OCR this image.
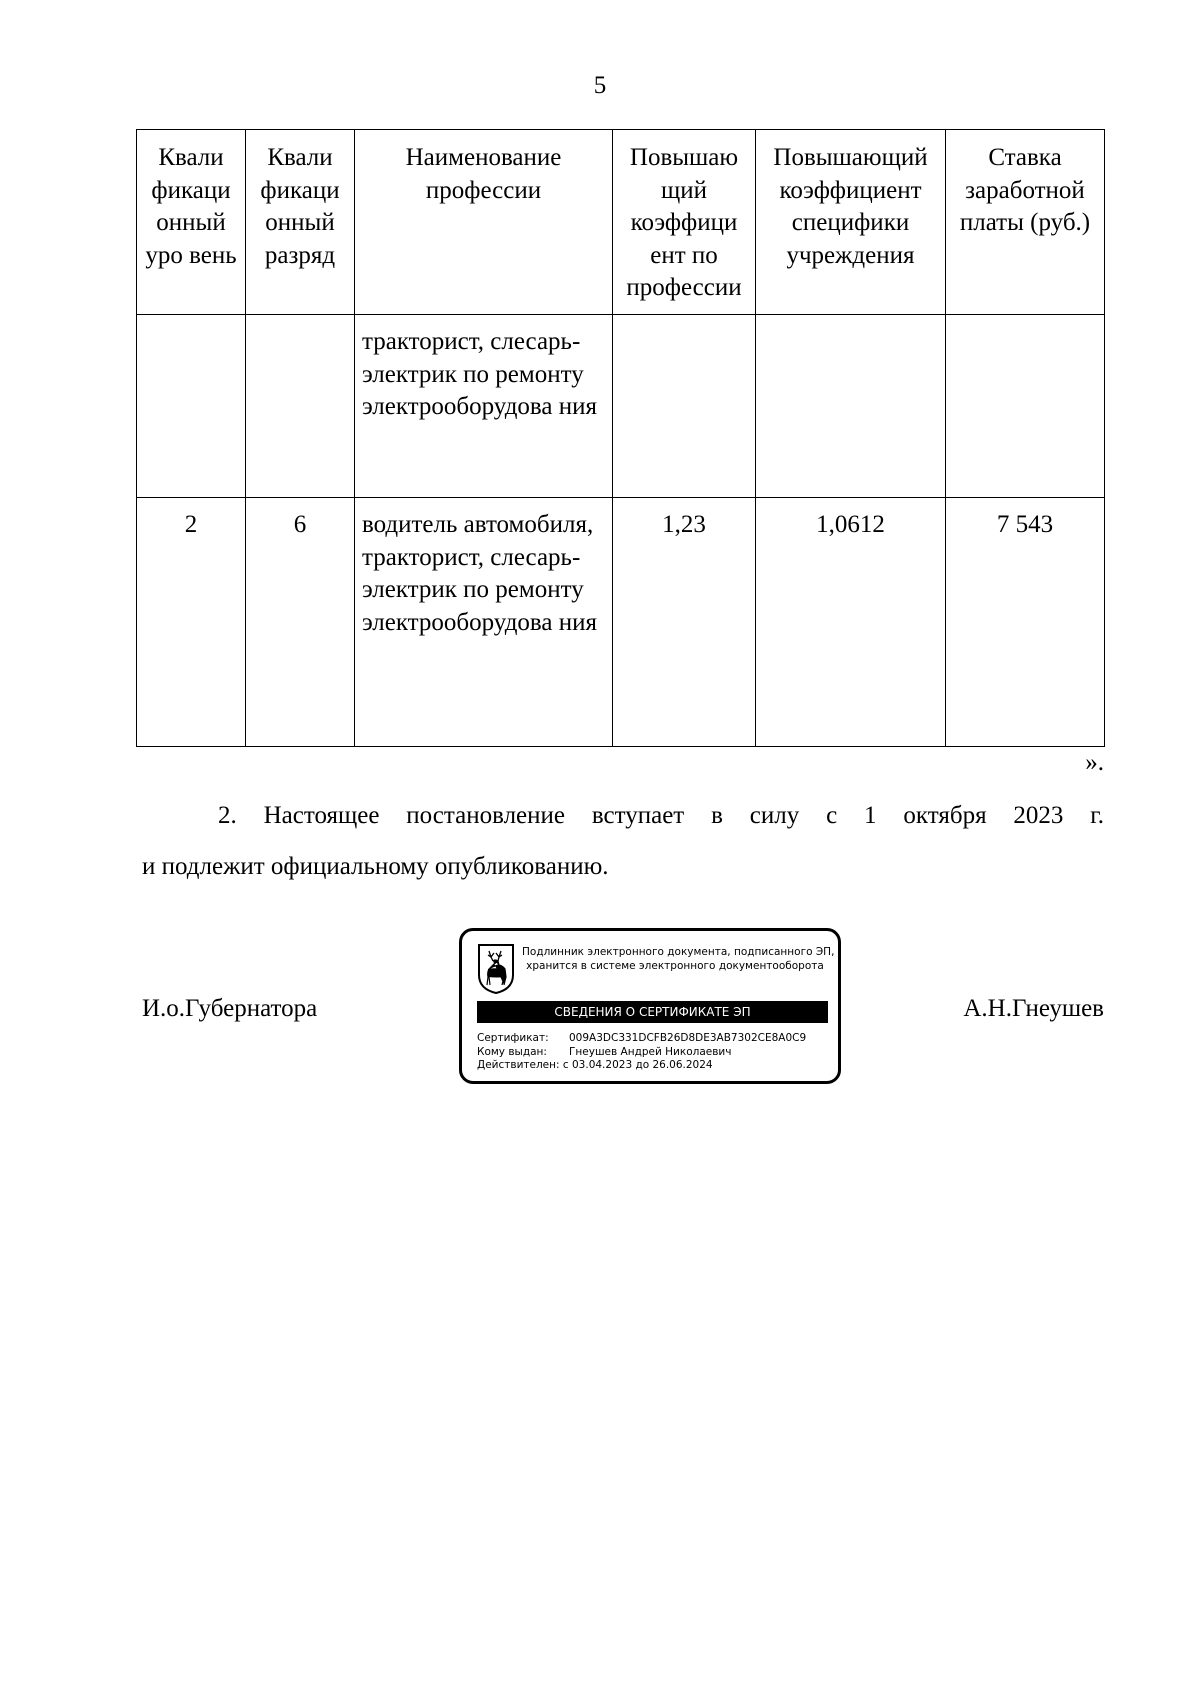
5
Квали фикаци онный уро вень	Квали фикаци онный разряд	Наименование профессии	Повышаю щий коэффици ент по профессии	Повышающий коэффициент специфики учреждения	Ставка заработной платы (руб.)
		тракторист, слесарь-электрик по ремонту электрооборудова ния			
2	6	водитель автомобиля, тракторист, слесарь-электрик по ремонту электрооборудова ния	1,23	1,0612	7 543
».
2. Настоящее постановление вступает в силу с 1 октября 2023 г.
и подлежит официальному опубликованию.
И.о.Губернатора
Подлинник электронного документа, подписанного ЭП,
хранится в системе электронного документооборота
СВЕДЕНИЯ О СЕРТИФИКАТЕ ЭП
Сертификат: 009A3DC331DCFB26D8DE3AB7302CE8A0C9
Кому выдан: Гнеушев Андрей Николаевич
Действителен: с 03.04.2023 до 26.06.2024
А.Н.Гнеушев
